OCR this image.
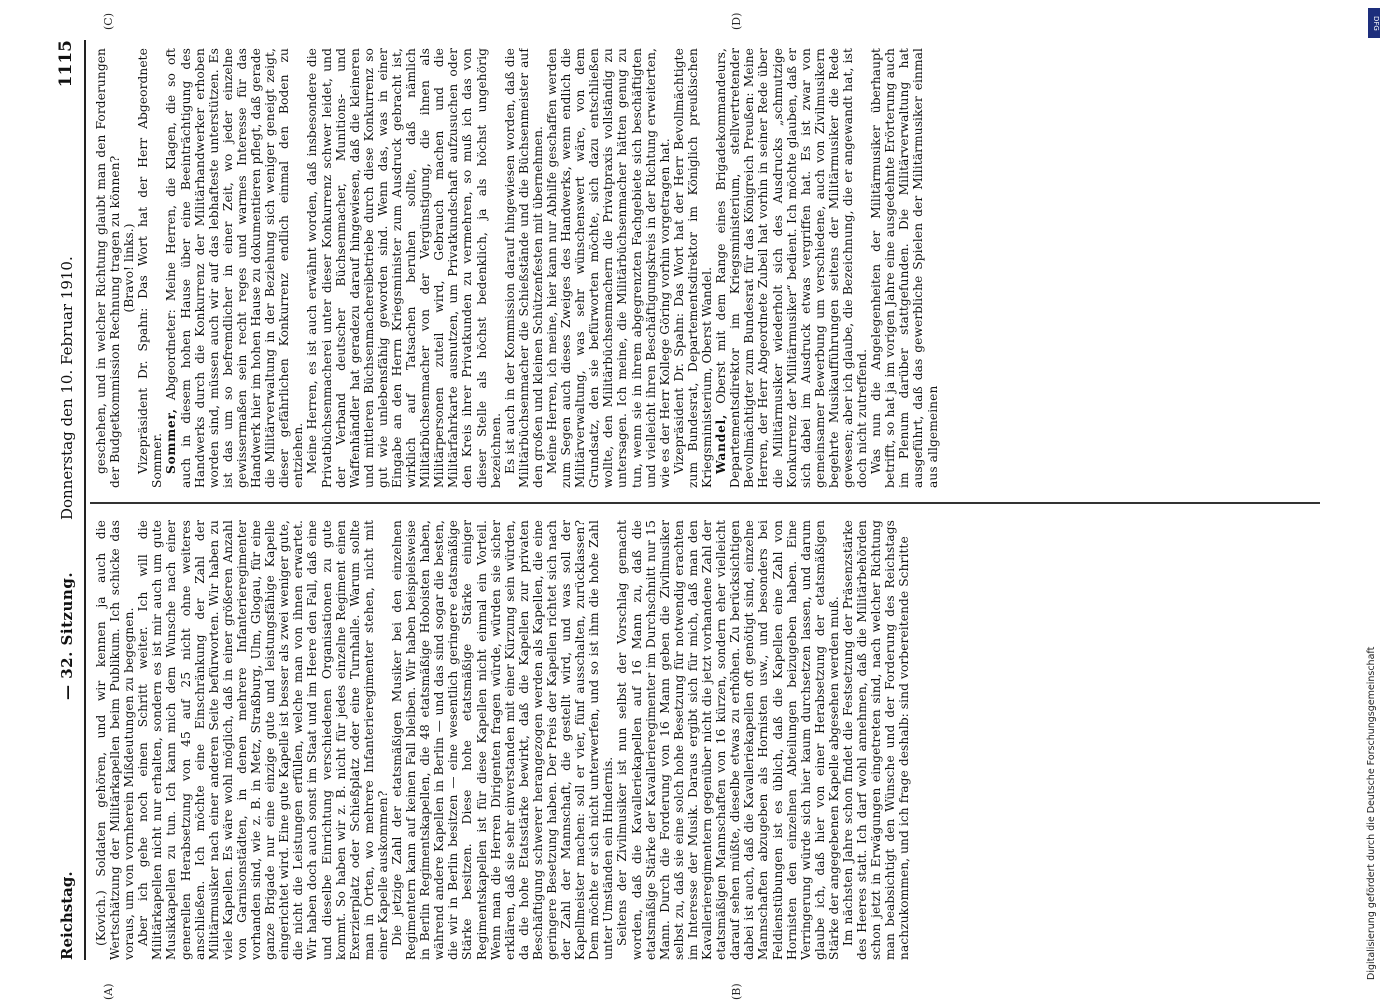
Reichstag.
— 32. Sitzung.
Donnerstag den 10. Februar 1910.
1115
(A)	(B)
(C)	(D)

(Kovich.) Soldaten gehören, und wir kennen ja auch die Wertschätzung der Militärkapellen beim Publikum. Ich schicke das voraus, um von vornherein Mißdeutungen zu begegnen. Aber ich gehe noch einen Schritt weiter. Ich will die Militärkapellen nicht nur erhalten, sondern es ist mir auch um gute Musikkapellen zu tun. Ich kann mich dem Wunsche nach einer generellen Herabsetzung von 45 auf 25 nicht ohne weiteres anschließen. Ich möchte eine Einschränkung der Zahl der Militärmusiker nach einer anderen Seite befürworten. Wir haben zu viele Kapellen. Es wäre wohl möglich, daß in einer größeren Anzahl von Garnisonstädten, in denen mehrere Infanterieregimenter vorhanden sind, wie z. B. in Metz, Straßburg, Ulm, Glogau, für eine ganze Brigade nur eine einzige gute und leistungsfähige Kapelle eingerichtet wird. Eine gute Kapelle ist besser als zwei weniger gute, die nicht die Leistungen erfüllen, welche man von ihnen erwartet. Wir haben doch auch sonst im Staat und im Heere den Fall, daß eine und dieselbe Einrichtung verschiedenen Organisationen zu gute kommt. So haben wir z. B. nicht für jedes einzelne Regiment einen Exerzierplatz oder Schießplatz oder eine Turnhalle. Warum sollte man in Orten, wo mehrere Infanterieregimenter stehen, nicht mit einer Kapelle auskommen? Die jetzige Zahl der etatsmäßigen Musiker bei den einzelnen Regimentern kann auf keinen Fall bleiben. Wir haben beispielsweise in Berlin Regimentskapellen, die 48 etatsmäßige Hoboisten haben, während andere Kapellen in Berlin — und das sind sogar die besten, die wir in Berlin besitzen — eine wesentlich geringere etatsmäßige Stärke besitzen. Diese hohe etatsmäßige Stärke einiger Regimentskapellen ist für diese Kapellen nicht einmal ein Vorteil. Wenn man die Herren Dirigenten fragen würde, würden sie sicher erklären, daß sie sehr einverstanden mit einer Kürzung sein würden, da die hohe Etatsstärke bewirkt, daß die Kapellen zur privaten Beschäftigung schwerer herangezogen werden als Kapellen, die eine geringere Besetzung haben. Der Preis der Kapellen richtet sich nach der Zahl der Mannschaft, die gestellt wird, und was soll der Kapellmeister machen: soll er vier, fünf ausschalten, zurücklassen? Dem möchte er sich nicht unterwerfen, und so ist ihm die hohe Zahl unter Umständen ein Hindernis. Seitens der Zivilmusiker ist nun selbst der Vorschlag gemacht worden, daß die Kavalleriekapellen auf 16 Mann zu, daß die etatsmäßige Stärke der Kavallerieregimenter im Durchschnitt nur 15 Mann. Durch die Forderung von 16 Mann geben die Zivilmusiker selbst zu, daß sie eine solch hohe Besetzung für notwendig erachten im Interesse der Musik. Daraus ergibt sich für mich, daß man den Kavallerieregimentern gegenüber nicht die jetzt vorhandene Zahl der etatsmäßigen Mannschaften von 16 kürzen, sondern eher vielleicht darauf sehen müßte, dieselbe etwas zu erhöhen. Zu berücksichtigen dabei ist auch, daß die Kavalleriekapellen oft genötigt sind, einzelne Mannschaften abzugeben als Hornisten usw., und besonders bei Feldienstübungen ist es üblich, daß die Kapellen eine Zahl von Hornisten den einzelnen Abteilungen beizugeben haben. Eine Verringerung würde sich hier kaum durchsetzen lassen, und darum glaube ich, daß hier von einer Herabsetzung der etatsmäßigen Stärke der angegebenen Kapelle abgesehen werden muß. Im nächsten Jahre schon findet die Festsetzung der Präsenzstärke des Heeres statt. Ich darf wohl annehmen, daß die Militärbehörden schon jetzt in Erwägungen eingetreten sind, nach welcher Richtung man beabsichtigt den Wünsche und der Forderung des Reichstags nachzukommen, und ich frage deshalb: sind vorbereitende Schritte

geschehen, und in welcher Richtung glaubt man den Forderungen der Budgetkommission Rechnung tragen zu können? (Bravo! links.) Vizepräsident Dr. Spahn: Das Wort hat der Herr Abgeordnete Sommer. Sommer, Abgeordneter: Meine Herren, die Klagen, die so oft auch in diesem hohen Hause über eine Beeinträchtigung des Handwerks durch die Konkurrenz der Militärhandwerker erhoben worden sind, müssen auch wir auf das lebhafteste unterstützen. Es ist das um so befremdlicher in einer Zeit, wo jeder einzelne gewissermaßen sein recht reges und warmes Interesse für das Handwerk hier im hohen Hause zu dokumentieren pflegt, daß gerade die Militärverwaltung in der Beziehung sich weniger geneigt zeigt, dieser gefährlichen Konkurrenz endlich einmal den Boden zu entziehen. Meine Herren, es ist auch erwähnt worden, daß insbesondere die Privatbüchsenmacherei unter dieser Konkurrenz schwer leidet, und der Verband deutscher Büchsenmacher, Munitions- und Waffenhändler hat geradezu darauf hingewiesen, daß die kleineren und mittleren Büchsenmachereibetriebe durch diese Konkurrenz so gut wie unlebensfähig geworden sind. Wenn das, was in einer Eingabe an den Herrn Kriegsminister zum Ausdruck gebracht ist, wirklich auf Tatsachen beruhen sollte, daß nämlich Militärbüchsenmacher von der Vergünstigung, die ihnen als Militärpersonen zuteil wird, Gebrauch machen und die Militärfahrkarte ausnutzen, um Privatkundschaft aufzusuchen oder den Kreis ihrer Privatkunden zu vermehren, so muß ich das von dieser Stelle als höchst bedenklich, ja als höchst ungehörig bezeichnen. Es ist auch in der Kommission darauf hingewiesen worden, daß die Militärbüchsenmacher die Schießstände und die Büchsenmeister auf den großen und kleinen Schützenfesten mit übernehmen. Meine Herren, ich meine, hier kann nur Abhilfe geschaffen werden zum Segen auch dieses Zweiges des Handwerks, wenn endlich die Militärverwaltung, was sehr wünschenswert wäre, von dem Grundsatz, den sie befürworten möchte, sich dazu entschließen wollte, den Militärbüchsenmachern die Privatpraxis vollständig zu untersagen. Ich meine, die Militärbüchsenmacher hätten genug zu tun, wenn sie in ihrem abgegrenzten Fachgebiete sich beschäftigten und vielleicht ihren Beschäftigungskreis in der Richtung erweiterten, wie es der Herr Kollege Göring vorhin vorgetragen hat. Vizepräsident Dr. Spahn: Das Wort hat der Herr Bevollmächtigte zum Bundesrat, Departementsdirektor im Königlich preußischen Kriegsministerium, Oberst Wandel. Wandel, Oberst mit dem Range eines Brigadekommandeurs, Departementsdirektor im Kriegsministerium, stellvertretender Bevollmächtigter zum Bundesrat für das Königreich Preußen: Meine Herren, der Herr Abgeordnete Zubeil hat vorhin in seiner Rede über die Militärmusiker wiederholt sich des Ausdrucks „schmutzige Konkurrenz der Militärmusiker“ bedient. Ich möchte glauben, daß er sich dabei im Ausdruck etwas vergriffen hat. Es ist zwar von gemeinsamer Bewerbung um verschiedene, auch von Zivilmusikern begehrte Musikaufführungen seitens der Militärmusiker die Rede gewesen; aber ich glaube, die Bezeichnung, die er angewandt hat, ist doch nicht zutreffend. Was nun die Angelegenheiten der Militärmusiker überhaupt betrifft, so hat ja im vorigen Jahre eine ausgedehnte Erörterung auch im Plenum darüber stattgefunden. Die Militärverwaltung hat ausgeführt, daß das gewerbliche Spielen der Militärmusiker einmal aus allgemeinen

DFG
Digitalisierung gefördert durch die Deutsche Forschungsgemeinschaft
